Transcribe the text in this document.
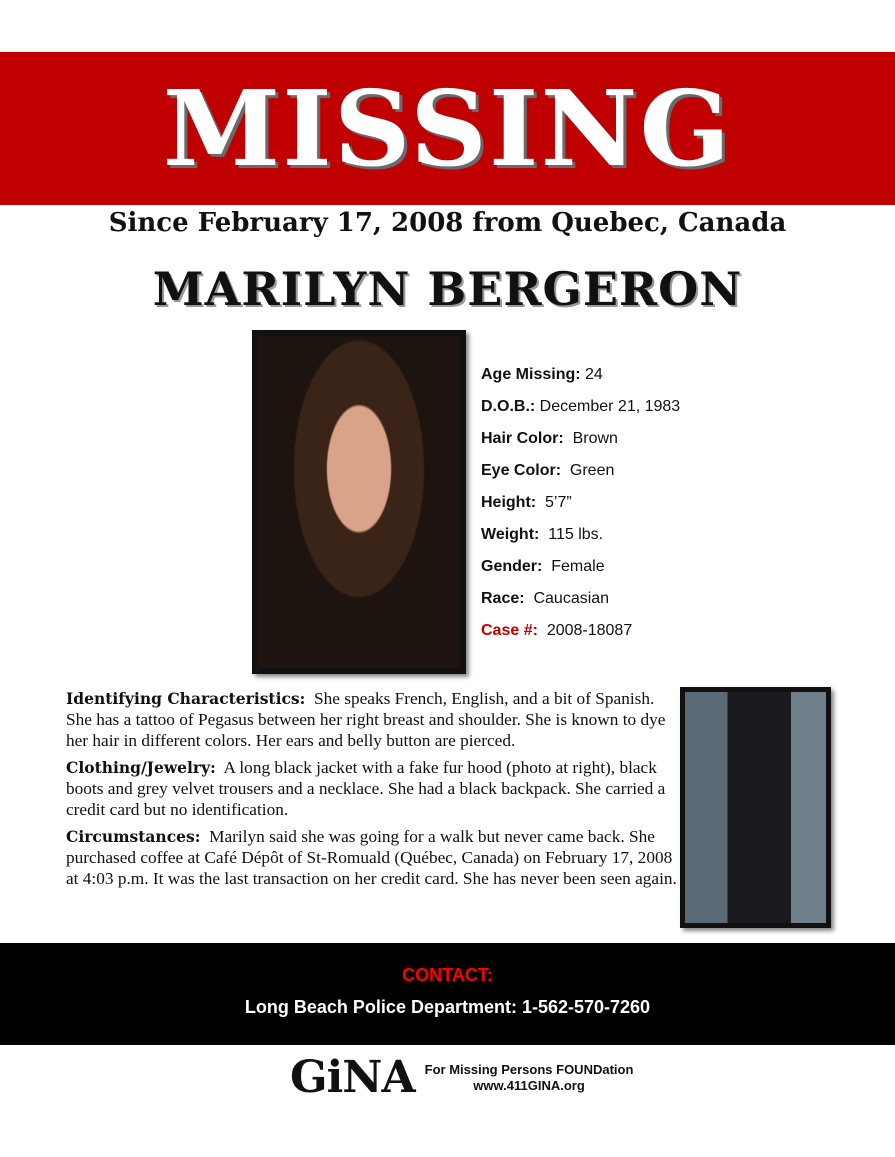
MISSING
Since February 17, 2008 from Quebec, Canada
MARILYN BERGERON
Age Missing: 24
D.O.B.: December 21, 1983
Hair Color: Brown
Eye Color: Green
Height: 5’7”
Weight: 115 lbs.
Gender: Female
Race: Caucasian
Case #: 2008-18087

Identifying Characteristics: She speaks French, English, and a bit of Spanish. She has a tattoo of Pegasus between her right breast and shoulder. She is known to dye her hair in different colors. Her ears and belly button are pierced.

Clothing/Jewelry: A long black jacket with a fake fur hood (photo at right), black boots and grey velvet trousers and a necklace. She had a black backpack. She carried a credit card but no identification.

Circumstances: Marilyn said she was going for a walk but never came back. She purchased coffee at Café Dépôt of St-Romuald (Québec, Canada) on February 17, 2008 at 4:03 p.m. It was the last transaction on her credit card. She has never been seen again.

CONTACT:
Long Beach Police Department: 1-562-570-7260
GiNA For Missing Persons FOUNDation
www.411GINA.org
